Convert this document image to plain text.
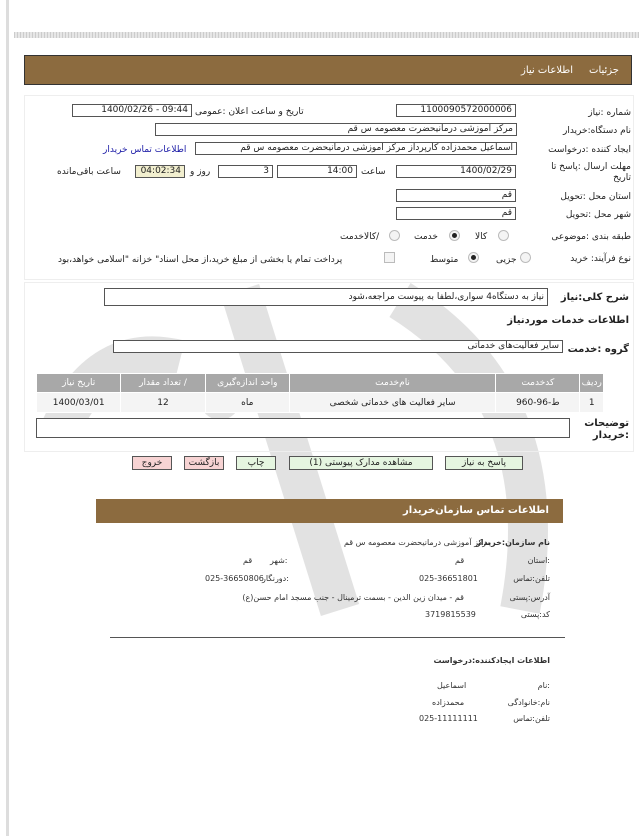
جزئیات
اطلاعات نیاز
شماره :نیاز
1100090572000006
تاریخ و ساعت اعلان :عمومی
1400/02/26 - 09:44
نام دستگاه:خریدار
مرکز آموزشی درمانیحضرت معصومه س قم
ایجاد کننده :درخواست
اسماعیل محمدزاده کارپرداز مرکز آموزشی درمانیحضرت معصومه س قم
اطلاعات تماس خریدار
مهلت ارسال :پاسخ تا تاریخ
1400/02/29
ساعت
14:00
3
روز و
04:02:34
ساعت باقی‌مانده
استان محل :تحویل
قم
شهر محل :تحویل
قم
طبقه بندی :موضوعی
کالا
خدمت
/کالاخدمت
نوع فرآیند: خرید
جزیی
متوسط
پرداخت تمام یا بخشی از مبلغ خرید،از محل اسناد" خزانه "اسلامی خواهد،بود
شرح کلی:نیاز
نیاز به دستگاه4 سواری،لطفا به پیوست مراجعه،شود
اطلاعات خدمات موردنیاز
گروه :خدمت
سایر فعالیت‌های خدماتی
ردیف	کدخدمت	نام‌خدمت	واحد اندازه‌گیری	/ تعداد مقدار	تاریخ نیاز
1	ط-96-960	سایر فعالیت های خدماتی شخصی	ماه	12	1400/03/01
توضیحات :خریدار
پاسخ به نیاز
مشاهده مدارک پیوستی (1)
چاپ
بازگشت
خروج
اطلاعات تماس سازمان‌خریدار
نام سازمان:خریدار
مرکز آموزشی درمانیحضرت معصومه س قم
:استان
قم
:شهر
قم
تلفن:تماس
025-36651801
:دورنگار
025-36650806
آدرس:پستی
قم - میدان زین الدین - بسمت ترمینال - جنب مسجد امام حسن(ع)
کد:پستی
3719815539
اطلاعات ایجادکننده:درخواست
:نام
اسماعیل
نام:خانوادگی
محمدزاده
تلفن:تماس
025-11111111
